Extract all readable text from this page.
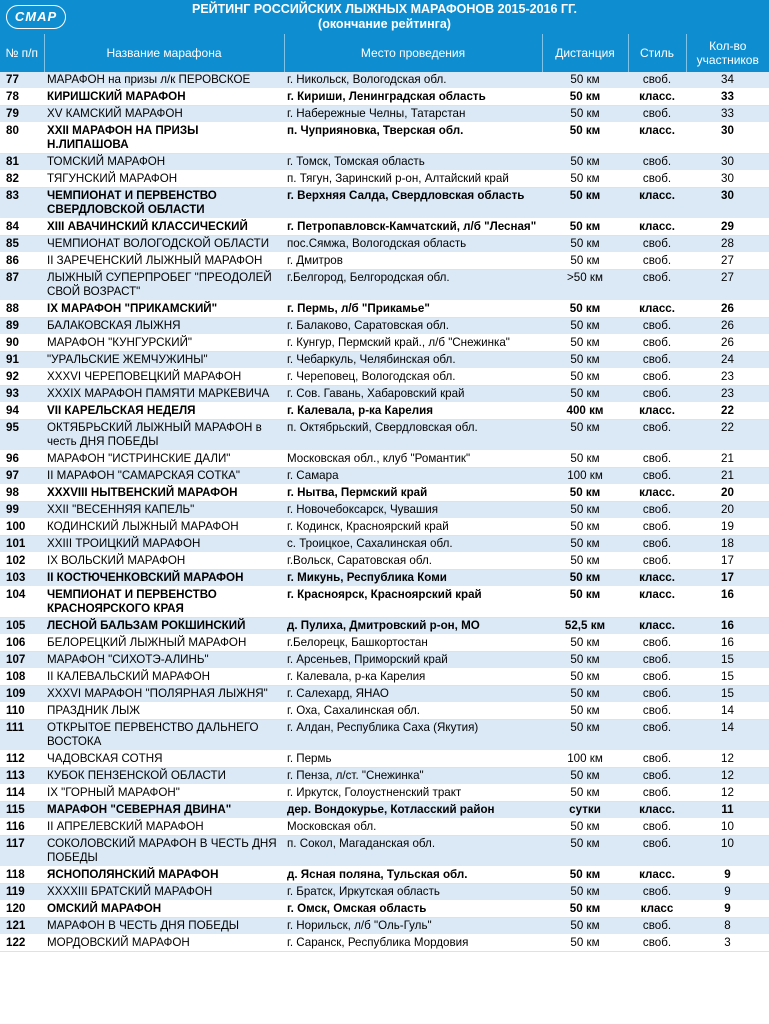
СМАР	РЕЙТИНГ РОССИЙСКИХ ЛЫЖНЫХ МАРАФОНОВ 2015-2016 ГГ.
(окончание рейтинга)
№ п/п	Название марафона	Место проведения	Дистанция	Стиль	Кол-во участников
77	МАРАФОН на призы л/к ПЕРОВСКОЕ	г. Никольск, Вологодская обл.	50 км	своб.	34
78	КИРИШСКИЙ МАРАФОН	г. Кириши, Ленинградская область	50 км	класс.	33
79	XV КАМСКИЙ МАРАФОН	г. Набережные Челны, Татарстан	50 км	своб.	33
80	XXII МАРАФОН НА ПРИЗЫ Н.ЛИПАШОВА	п. Чуприяновка, Тверская обл.	50 км	класс.	30
81	ТОМСКИЙ МАРАФОН	г. Томск, Томская область	50 км	своб.	30
82	ТЯГУНСКИЙ МАРАФОН	п. Тягун, Заринский р-он, Алтайский край	50 км	своб.	30
83	ЧЕМПИОНАТ И ПЕРВЕНСТВО СВЕРДЛОВСКОЙ ОБЛАСТИ	г. Верхняя Салда, Свердловская область	50 км	класс.	30
84	XIII АВАЧИНСКИЙ КЛАССИЧЕСКИЙ	г. Петропавловск-Камчатский, л/б "Лесная"	50 км	класс.	29
85	ЧЕМПИОНАТ ВОЛОГОДСКОЙ ОБЛАСТИ	пос.Сямжа, Вологодская область	50 км	своб.	28
86	II ЗАРЕЧЕНСКИЙ ЛЫЖНЫЙ МАРАФОН	г. Дмитров	50 км	своб.	27
87	ЛЫЖНЫЙ СУПЕРПРОБЕГ "ПРЕОДОЛЕЙ СВОЙ ВОЗРАСТ"	г.Белгород, Белгородская обл.	>50 км	своб.	27
88	IX МАРАФОН "ПРИКАМСКИЙ"	г. Пермь, л/б "Прикамье"	50 км	класс.	26
89	БАЛАКОВСКАЯ ЛЫЖНЯ	г. Балаково, Саратовская обл.	50 км	своб.	26
90	МАРАФОН "КУНГУРСКИЙ"	г. Кунгур, Пермский край., л/б "Снежинка"	50 км	своб.	26
91	"УРАЛЬСКИЕ ЖЕМЧУЖИНЫ"	г. Чебаркуль, Челябинская обл.	50 км	своб.	24
92	XXXVI ЧЕРЕПОВЕЦКИЙ МАРАФОН	г. Череповец, Вологодская обл.	50 км	своб.	23
93	XXXIX МАРАФОН ПАМЯТИ МАРКЕВИЧА	г. Сов. Гавань, Хабаровский край	50 км	своб.	23
94	VII КАРЕЛЬСКАЯ НЕДЕЛЯ	г. Калевала, р-ка Карелия	400 км	класс.	22
95	ОКТЯБРЬСКИЙ ЛЫЖНЫЙ МАРАФОН в честь ДНЯ ПОБЕДЫ	п. Октябрьский, Свердловская обл.	50 км	своб.	22
96	МАРАФОН "ИСТРИНСКИЕ ДАЛИ"	Московская обл., клуб "Романтик"	50 км	своб.	21
97	II МАРАФОН "САМАРСКАЯ СОТКА"	г. Самара	100 км	своб.	21
98	XXXVIII НЫТВЕНСКИЙ МАРАФОН	г. Нытва, Пермский край	50 км	класс.	20
99	XXII "ВЕСЕННЯЯ КАПЕЛЬ"	г. Новочебоксарск, Чувашия	50 км	своб.	20
100	КОДИНСКИЙ ЛЫЖНЫЙ МАРАФОН	г. Кодинск, Красноярский край	50 км	своб.	19
101	XXIII ТРОИЦКИЙ МАРАФОН	с. Троицкое, Сахалинская обл.	50 км	своб.	18
102	IX ВОЛЬСКИЙ МАРАФОН	г.Вольск, Саратовская обл.	50 км	своб.	17
103	II КОСТЮЧЕНКОВСКИЙ МАРАФОН	г. Микунь, Республика Коми	50 км	класс.	17
104	ЧЕМПИОНАТ И ПЕРВЕНСТВО КРАСНОЯРСКОГО КРАЯ	г. Красноярск, Красноярский край	50 км	класс.	16
105	ЛЕСНОЙ БАЛЬЗАМ РОКШИНСКИЙ	д. Пулиха, Дмитровский р-он, МО	52,5 км	класс.	16
106	БЕЛОРЕЦКИЙ ЛЫЖНЫЙ МАРАФОН	г.Белорецк, Башкортостан	50 км	своб.	16
107	МАРАФОН "СИХОТЭ-АЛИНЬ"	г. Арсеньев, Приморский край	50 км	своб.	15
108	II КАЛЕВАЛЬСКИЙ МАРАФОН	г. Калевала, р-ка Карелия	50 км	своб.	15
109	XXXVI МАРАФОН "ПОЛЯРНАЯ ЛЫЖНЯ"	г. Салехард, ЯНАО	50 км	своб.	15
110	ПРАЗДНИК ЛЫЖ	г. Оха, Сахалинская обл.	50 км	своб.	14
111	ОТКРЫТОЕ ПЕРВЕНСТВО ДАЛЬНЕГО ВОСТОКА	г. Алдан, Республика Саха (Якутия)	50 км	своб.	14
112	ЧАДОВСКАЯ СОТНЯ	г. Пермь	100 км	своб.	12
113	КУБОК ПЕНЗЕНСКОЙ ОБЛАСТИ	г. Пенза, л/ст. "Снежинка"	50 км	своб.	12
114	IX "ГОРНЫЙ МАРАФОН"	г. Иркутск, Голоустненский тракт	50 км	своб.	12
115	МАРАФОН "СЕВЕРНАЯ ДВИНА"	дер. Вондокурье, Котласский район	сутки	класс.	11
116	II АПРЕЛЕВСКИЙ МАРАФОН	Московская обл.	50 км	своб.	10
117	СОКОЛОВСКИЙ МАРАФОН В ЧЕСТЬ ДНЯ ПОБЕДЫ	п. Сокол, Магаданская обл.	50 км	своб.	10
118	ЯСНОПОЛЯНСКИЙ МАРАФОН	д. Ясная поляна, Тульская обл.	50 км	класс.	9
119	XXXXIII БРАТСКИЙ МАРАФОН	г. Братск, Иркутская область	50 км	своб.	9
120	ОМСКИЙ МАРАФОН	г. Омск, Омская область	50 км	класс	9
121	МАРАФОН В ЧЕСТЬ ДНЯ ПОБЕДЫ	г. Норильск, л/б "Оль-Гуль"	50 км	своб.	8
122	МОРДОВСКИЙ МАРАФОН	г. Саранск, Республика Мордовия	50 км	своб.	3
